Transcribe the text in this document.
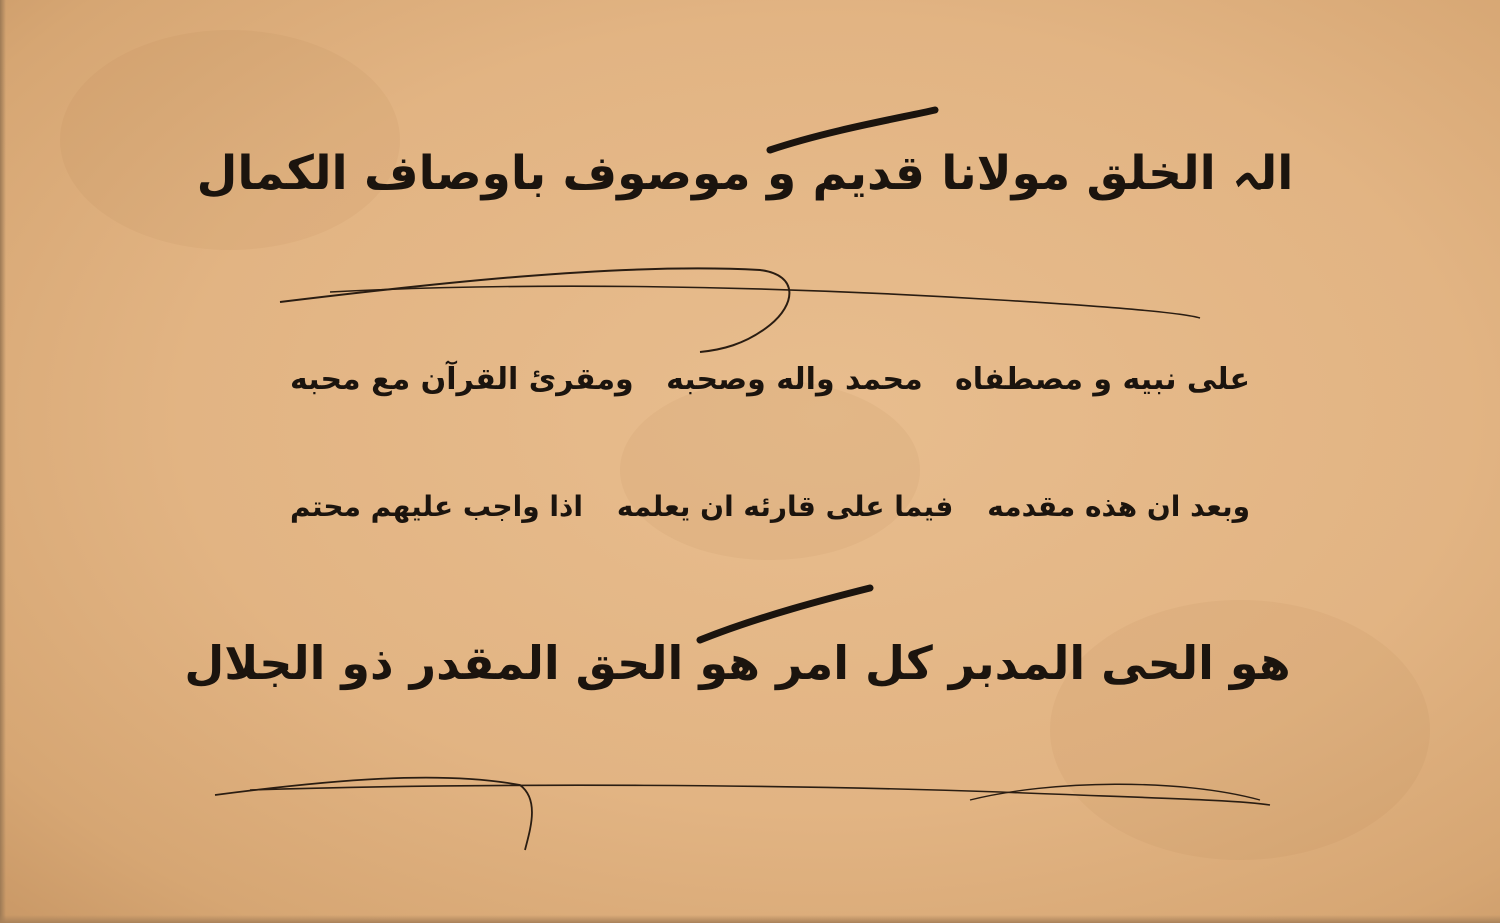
الہ الخلق مولانا قدیم و موصوف باوصاف الکمال
علی نبیه و مصطفاه
محمد واله وصحبه
ومقرئ القرآن مع محبه
وبعد ان هذه مقدمه
فیما علی قارئه ان یعلمه
اذا واجب علیهم محتم
هو الحی المدبر کل امر هو الحق المقدر ذو الجلال
